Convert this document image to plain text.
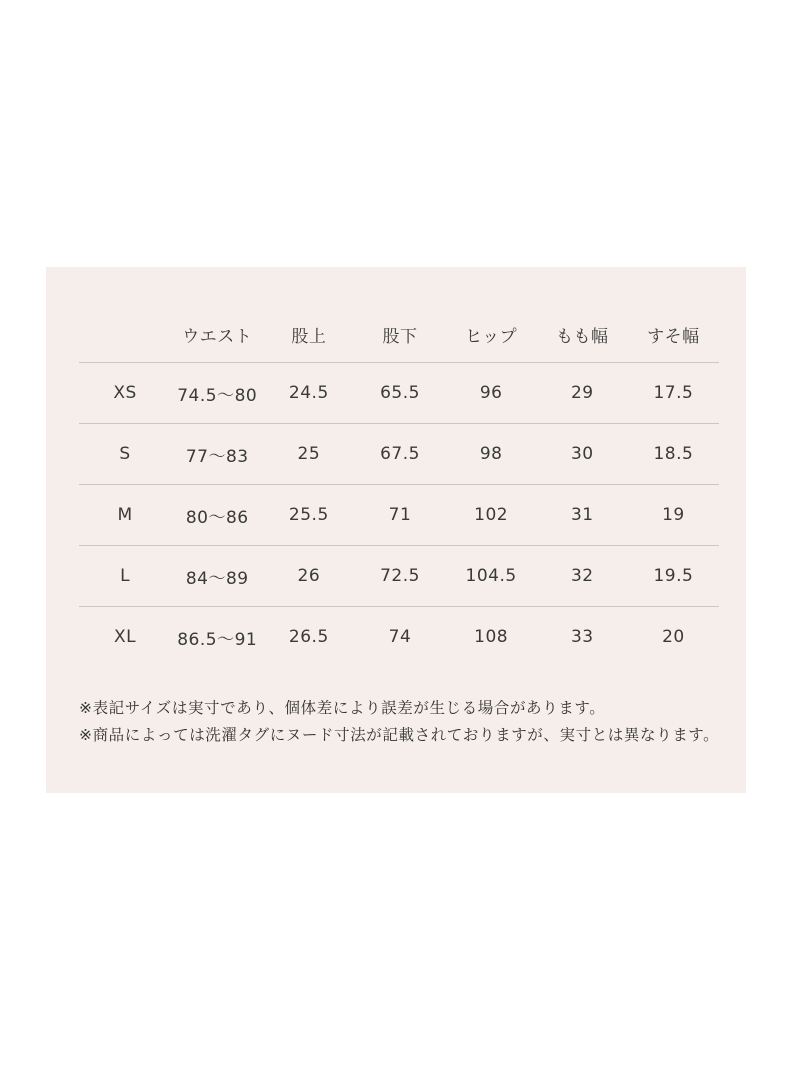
	ウエスト	股上	股下	ヒップ	もも幅	すそ幅
XS	74.5～80	24.5	65.5	96	29	17.5
S	77～83	25	67.5	98	30	18.5
M	80～86	25.5	71	102	31	19
L	84～89	26	72.5	104.5	32	19.5
XL	86.5～91	26.5	74	108	33	20

※表記サイズは実寸であり、個体差により誤差が生じる場合があります。

※商品によっては洗濯タグにヌード寸法が記載されておりますが、実寸とは異なります。
